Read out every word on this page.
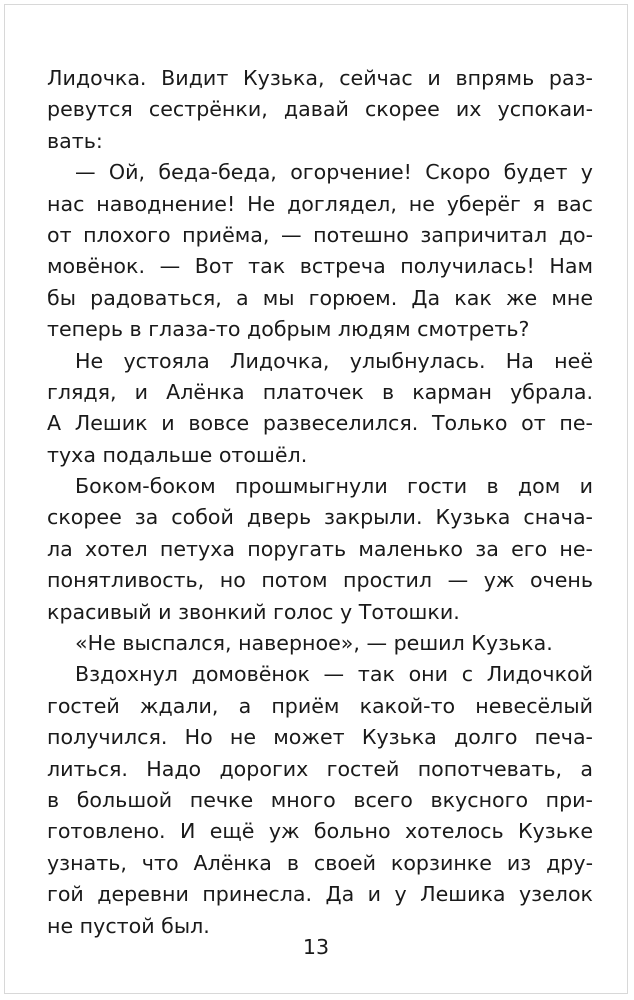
Лидочка. Видит Кузька, сейчас и впрямь раз-
ревутся сестрёнки, давай скорее их успокаи-
вать:
— Ой, беда-беда, огорчение! Скоро будет у
нас наводнение! Не доглядел, не уберёг я вас
от плохого приёма, — потешно запричитал до-
мовёнок. — Вот так встреча получилась! Нам
бы радоваться, а мы горюем. Да как же мне
теперь в глаза-то добрым людям смотреть?
Не устояла Лидочка, улыбнулась. На неё
глядя, и Алёнка платочек в карман убрала.
А Лешик и вовсе развеселился. Только от пе-
туха подальше отошёл.
Боком-боком прошмыгнули гости в дом и
скорее за собой дверь закрыли. Кузька снача-
ла хотел петуха поругать маленько за его не-
понятливость, но потом простил — уж очень
красивый и звонкий голос у Тотошки.
«Не выспался, наверное», — решил Кузька.
Вздохнул домовёнок — так они с Лидочкой
гостей ждали, а приём какой-то невесёлый
получился. Но не может Кузька долго печа-
литься. Надо дорогих гостей попотчевать, а
в большой печке много всего вкусного при-
готовлено. И ещё уж больно хотелось Кузьке
узнать, что Алёнка в своей корзинке из дру-
гой деревни принесла. Да и у Лешика узелок
не пустой был.
13
